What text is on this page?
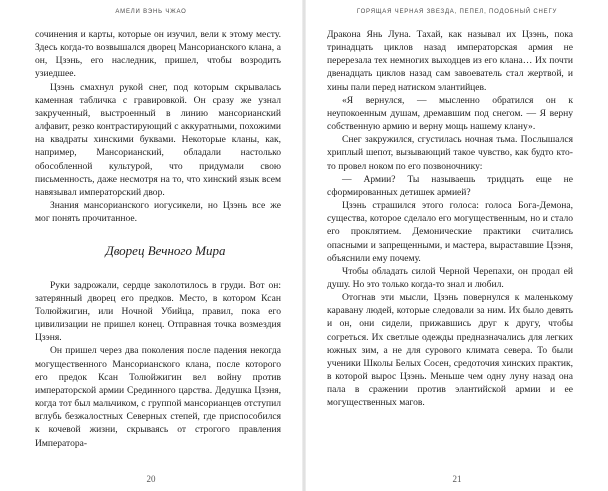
АМЕЛИ ВЭНЬ ЧЖАО

сочинения и карты, которые он изучил, вели к этому месту. Здесь когда-то возвышался дворец Мансорианского клана, а он, Цзэнь, его наследник, пришел, чтобы возродить узиедшее.

Цзэнь смахнул рукой снег, под которым скрывалась каменная табличка с гравировкой. Он сразу же узнал закрученный, выстроенный в линию мансорианский алфавит, резко контрастирующий с аккуратными, похожими на квадраты хинскими буквами. Некоторые кланы, как, например, Мансорианский, обладали настолько обособленной культурой, что придумали свою письменность, даже несмотря на то, что хинский язык всем навязывал императорский двор.

Знания мансорианского иогусикели, но Цзэнь все же мог понять прочитанное.

Дворец Вечного Мира

Руки задрожали, сердце заколотилось в груди. Вот он: затерянный дворец его предков. Место, в котором Ксан Толюйжигин, или Ночной Убийца, правил, пока его цивилизации не пришел конец. Отправная точка возмездия Цзэня.

Он пришел через два поколения после падения некогда могущественного Мансорианского клана, после которого его предок Ксан Толюйжигин вел войну против императорской армии Срединного царства. Дедушка Цзэня, когда тот был мальчиком, с группой мансорианцев отступил вглубь безжалостных Северных степей, где приспособился к кочевой жизни, скрываясь от строгого правления Императора-

20
ГОРЯЩАЯ ЧЕРНАЯ ЗВЕЗДА, ПЕПЕЛ, ПОДОБНЫЙ СНЕГУ

Дракона Янь Луна. Тахай, как называл их Цзэнь, пока тринадцать циклов назад императорская армия не перерезала тех немногих выходцев из его клана… Их почти двенадцать циклов назад сам завоеватель стал жертвой, и хины пали перед натиском элантийцев.

«Я вернулся, — мысленно обратился он к неупокоенным душам, дремавшим под снегом. — Я верну собственную армию и верну мощь нашему клану».

Снег закружился, сгустилась ночная тьма. Послышался хриплый шепот, вызывающий такое чувство, как будто кто-то провел ноком по его позвоночнику:

— Армии? Ты называешь тридцать еще не сформированных детишек армией?

Цзэнь страшился этого голоса: голоса Бога-Демона, существа, которое сделало его могущественным, но и стало его проклятием. Демонические практики считались опасными и запрещенными, и мастера, выраставшие Цзэня, объяснили ему почему.

Чтобы обладать силой Черной Черепахи, он продал ей душу. Но это только когда-то знал и любил.

Отогнав эти мысли, Цзэнь повернулся к маленькому каравану людей, которые следовали за ним. Их было девять и он, они сидели, прижавшись друг к другу, чтобы согреться. Их светлые одежды предназначались для легких южных зим, а не для сурового климата севера. То были ученики Школы Белых Сосен, средоточия хинских практик, в которой вырос Цзэнь. Меньше чем одну луну назад она пала в сражении против элантийской армии и ее могущественных магов.

21
